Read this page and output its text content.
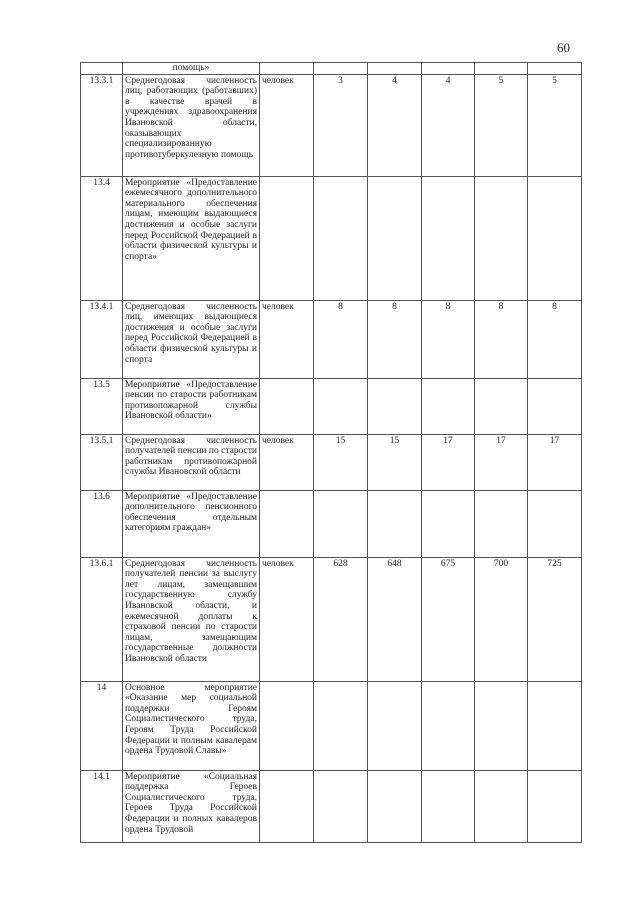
60
	помощь»						
13.3.1	Среднегодовая численность лиц, работающих (работавших) в качестве врачей в учреждениях здравоохранения Ивановской области, оказывающих специализированную противотуберкулезную помощь	человек	3	4	4	5	5
13.4	Мероприятие «Предоставление ежемесячного дополнительного материального обеспечения лицам, имеющим выдающиеся достижения и особые заслуги перед Российской Федерацией в области физической культуры и спорта»						
13.4.1	Среднегодовая численность лиц, имеющих выдающиеся достижения и особые заслуги перед Российской Федерацией в области физической культуры и спорта	человек	8	8	8	8	8
13.5	Мероприятие «Предоставление пенсии по старости работникам противопожарной службы Ивановской области»						
13.5.1	Среднегодовая численность получателей пенсии по старости работникам противопожарной службы Ивановской области	человек	15	15	17	17	17
13.6	Мероприятие «Предоставление дополнительного пенсионного обеспечения отдельным категориям граждан»						
13.6.1	Среднегодовая численность получателей пенсии за выслугу лет лицам, замещавшим государственную службу Ивановской области, и ежемесячной доплаты к страховой пенсии по старости лицам, замещающим государственные должности Ивановской области	человек	628	648	675	700	725
14	Основное мероприятие «Оказание мер социальной поддержки Героям Социалистического труда, Героям Труда Российской Федерации и полным кавалерам ордена Трудовой Славы»						
14.1	Мероприятие «Социальная поддержка Героев Социалистического труда, Героев Труда Российской Федерации и полных кавалеров ордена Трудовой						
